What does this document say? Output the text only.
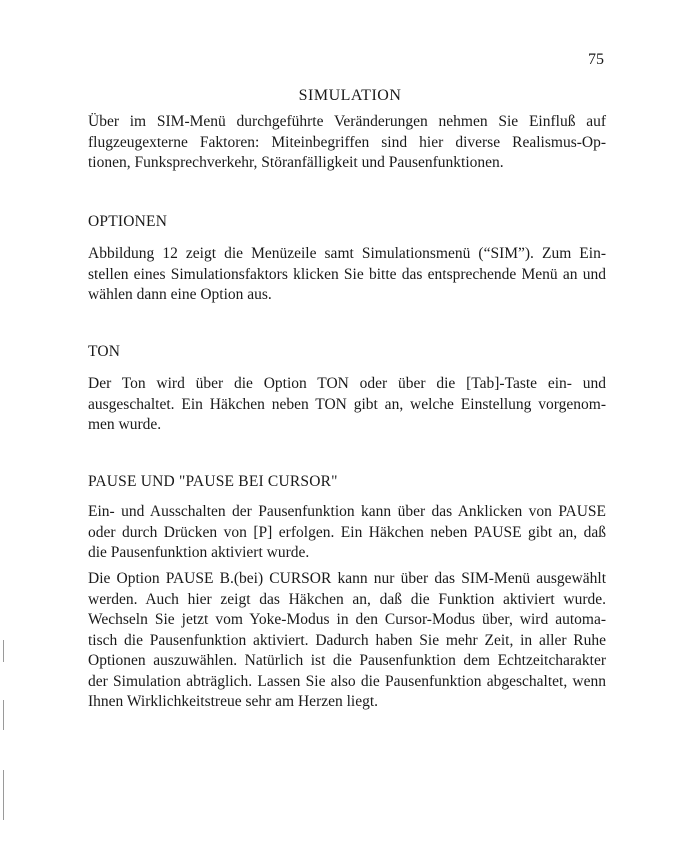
75
SIMULATION

Über im SIM-Menü durchgeführte Veränderungen nehmen Sie Einfluß auf
flugzeugexterne Faktoren: Miteinbegriffen sind hier diverse Realismus-Op-
tionen, Funksprechverkehr, Störanfälligkeit und Pausenfunktionen.

OPTIONEN

Abbildung 12 zeigt die Menüzeile samt Simulationsmenü (“SIM”). Zum Ein-
stellen eines Simulationsfaktors klicken Sie bitte das entsprechende Menü an und
wählen dann eine Option aus.

TON

Der Ton wird über die Option TON oder über die [Tab]-Taste ein- und
ausgeschaltet. Ein Häkchen neben TON gibt an, welche Einstellung vorgenom-
men wurde.

PAUSE UND "PAUSE BEI CURSOR"

Ein- und Ausschalten der Pausenfunktion kann über das Anklicken von PAUSE
oder durch Drücken von [P] erfolgen. Ein Häkchen neben PAUSE gibt an, daß
die Pausenfunktion aktiviert wurde.

Die Option PAUSE B.(bei) CURSOR kann nur über das SIM-Menü ausgewählt
werden. Auch hier zeigt das Häkchen an, daß die Funktion aktiviert wurde.
Wechseln Sie jetzt vom Yoke-Modus in den Cursor-Modus über, wird automa-
tisch die Pausenfunktion aktiviert. Dadurch haben Sie mehr Zeit, in aller Ruhe
Optionen auszuwählen. Natürlich ist die Pausenfunktion dem Echtzeitcharakter
der Simulation abträglich. Lassen Sie also die Pausenfunktion abgeschaltet, wenn
Ihnen Wirklichkeitstreue sehr am Herzen liegt.
